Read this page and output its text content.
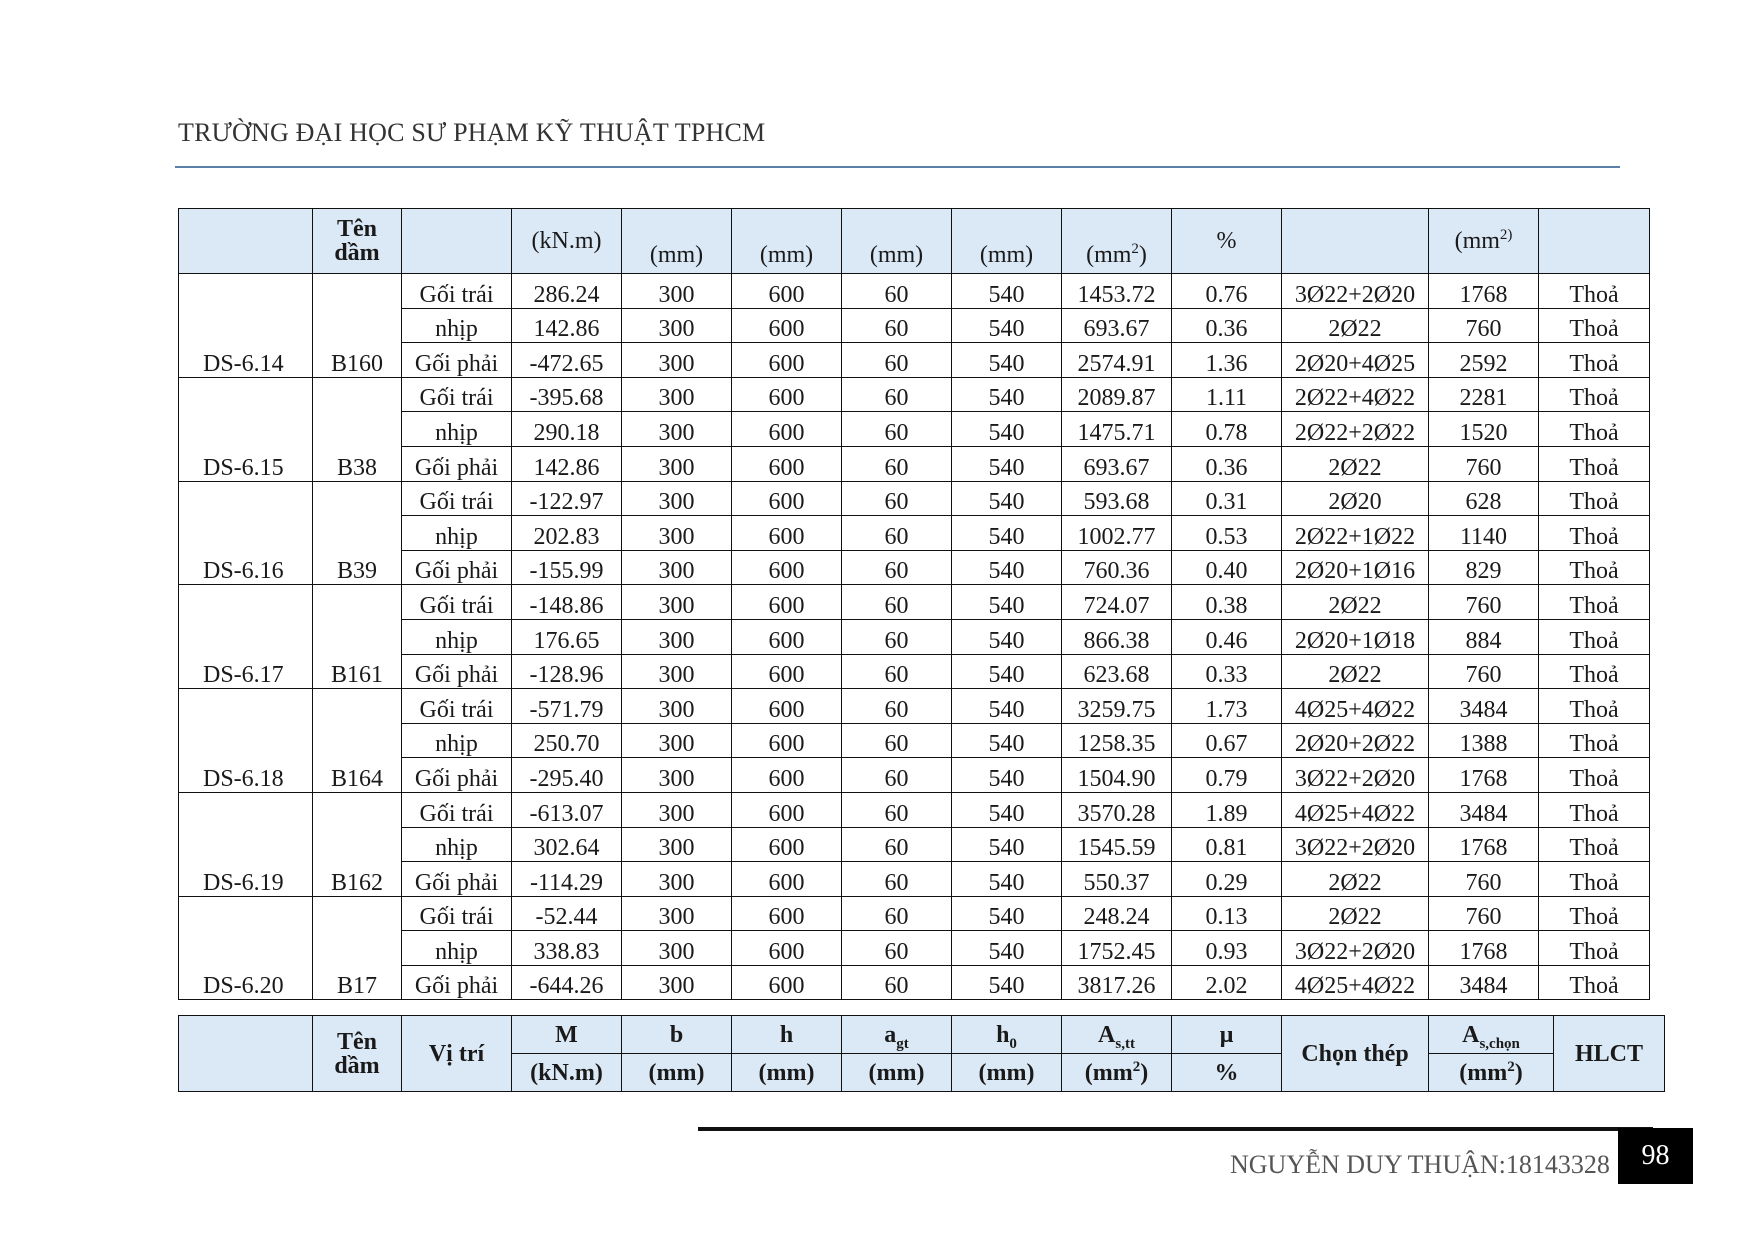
TRƯỜNG ĐẠI HỌC SƯ PHẠM KỸ THUẬT TPHCM
	Tên
dầm		(kN.m)	(mm)	(mm)	(mm)	(mm)	$(mm^2)$	%		($mm^{2)}$	
DS-6.14	B160	Gối trái	286.24	300	600	60	540	1453.72	0.76	3Ø22+2Ø20	1768	Thoả
		nhịp	142.86	300	600	60	540	693.67	0.36	2Ø22	760	Thoả
		Gối phải	-472.65	300	600	60	540	2574.91	1.36	2Ø20+4Ø25	2592	Thoả
DS-6.15	B38	Gối trái	-395.68	300	600	60	540	2089.87	1.11	2Ø22+4Ø22	2281	Thoả
		nhịp	290.18	300	600	60	540	1475.71	0.78	2Ø22+2Ø22	1520	Thoả
		Gối phải	142.86	300	600	60	540	693.67	0.36	2Ø22	760	Thoả
DS-6.16	B39	Gối trái	-122.97	300	600	60	540	593.68	0.31	2Ø20	628	Thoả
		nhịp	202.83	300	600	60	540	1002.77	0.53	2Ø22+1Ø22	1140	Thoả
		Gối phải	-155.99	300	600	60	540	760.36	0.40	2Ø20+1Ø16	829	Thoả
DS-6.17	B161	Gối trái	-148.86	300	600	60	540	724.07	0.38	2Ø22	760	Thoả
		nhịp	176.65	300	600	60	540	866.38	0.46	2Ø20+1Ø18	884	Thoả
		Gối phải	-128.96	300	600	60	540	623.68	0.33	2Ø22	760	Thoả
DS-6.18	B164	Gối trái	-571.79	300	600	60	540	3259.75	1.73	4Ø25+4Ø22	3484	Thoả
		nhịp	250.70	300	600	60	540	1258.35	0.67	2Ø20+2Ø22	1388	Thoả
		Gối phải	-295.40	300	600	60	540	1504.90	0.79	3Ø22+2Ø20	1768	Thoả
DS-6.19	B162	Gối trái	-613.07	300	600	60	540	3570.28	1.89	4Ø25+4Ø22	3484	Thoả
		nhịp	302.64	300	600	60	540	1545.59	0.81	3Ø22+2Ø20	1768	Thoả
		Gối phải	-114.29	300	600	60	540	550.37	0.29	2Ø22	760	Thoả
DS-6.20	B17	Gối trái	-52.44	300	600	60	540	248.24	0.13	2Ø22	760	Thoả
		nhịp	338.83	300	600	60	540	1752.45	0.93	3Ø22+2Ø20	1768	Thoả
		Gối phải	-644.26	300	600	60	540	3817.26	2.02	4Ø25+4Ø22	3484	Thoả
	Tên
dầm	Vị trí	M	b	h	$a_{gt}$	$h_0$	$A_{s,tt}$	μ	Chọn thép	$A_{s,chọn}$	HLCT
			(kN.m)	(mm)	(mm)	(mm)	(mm)	$(mm^2)$	%		$(mm^2)$	
NGUYỄN DUY THUẬN:18143328	98
